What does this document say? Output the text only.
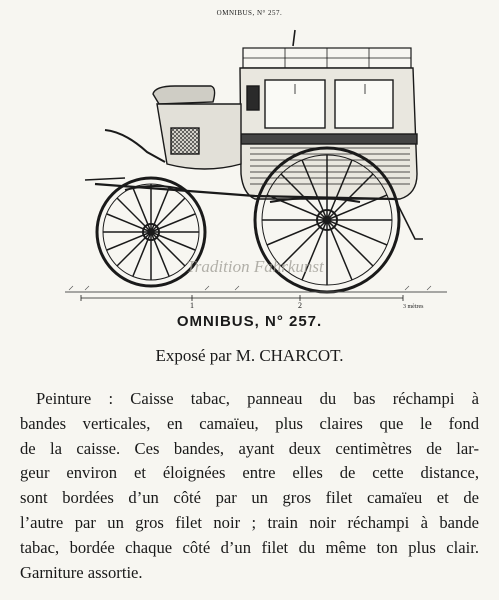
OMNIBUS, N° 257.
Tradition Fahrkunst
1	2	3 mètres
OMNIBUS, N° 257.
Exposé par M. CHARCOT.
Peinture : Caisse tabac, panneau du bas réchampi à
bandes verticales, en camaïeu, plus claires que le fond
de la caisse. Ces bandes, ayant deux centimètres de lar-
geur environ et éloignées entre elles de cette distance,
sont bordées d’un côté par un gros filet camaïeu et de
l’autre par un gros filet noir ; train noir réchampi à bande
tabac, bordée chaque côté d’un filet du même ton plus clair.
Garniture assortie.
